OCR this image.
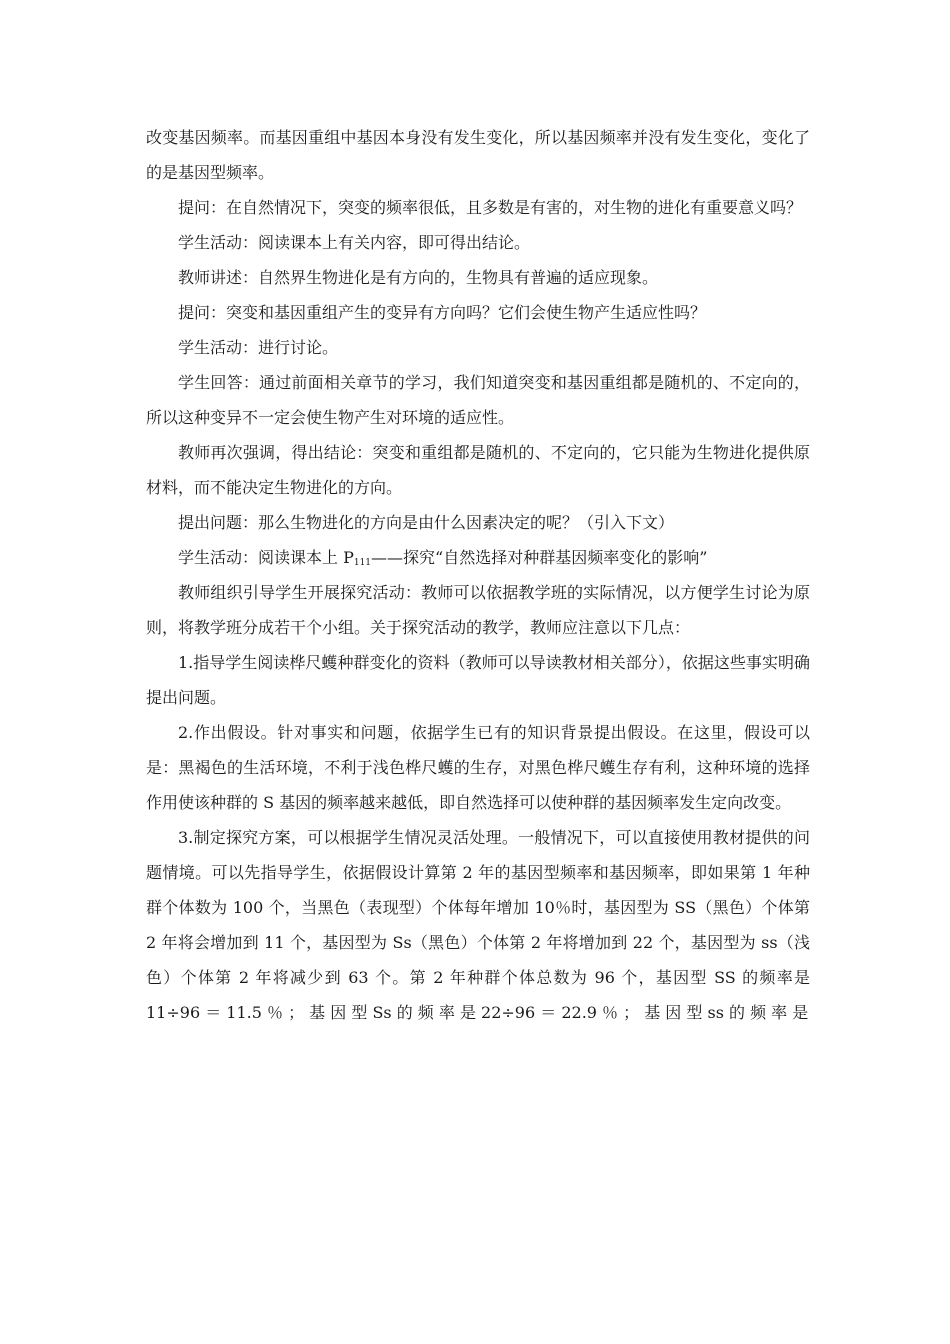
改变基因频率。而基因重组中基因本身没有发生变化，所以基因频率并没有发生变化，变化了的是基因型频率。

提问：在自然情况下，突变的频率很低，且多数是有害的，对生物的进化有重要意义吗？

学生活动：阅读课本上有关内容，即可得出结论。

教师讲述：自然界生物进化是有方向的，生物具有普遍的适应现象。

提问：突变和基因重组产生的变异有方向吗？它们会使生物产生适应性吗？

学生活动：进行讨论。

学生回答：通过前面相关章节的学习，我们知道突变和基因重组都是随机的、不定向的，所以这种变异不一定会使生物产生对环境的适应性。

教师再次强调，得出结论：突变和重组都是随机的、不定向的，它只能为生物进化提供原材料，而不能决定生物进化的方向。

提出问题：那么生物进化的方向是由什么因素决定的呢？（引入下文）

学生活动：阅读课本上 $P_{111}——$探究“自然选择对种群基因频率变化的影响”

教师组织引导学生开展探究活动：教师可以依据教学班的实际情况，以方便学生讨论为原则，将教学班分成若干个小组。关于探究活动的教学，教师应注意以下几点：

1.指导学生阅读桦尺蠖种群变化的资料（教师可以导读教材相关部分），依据这些事实明确提出问题。

2.作出假设。针对事实和问题，依据学生已有的知识背景提出假设。在这里，假设可以是：黑褐色的生活环境，不利于浅色桦尺蠖的生存，对黑色桦尺蠖生存有利，这种环境的选择作用使该种群的 S 基因的频率越来越低，即自然选择可以使种群的基因频率发生定向改变。

3.制定探究方案，可以根据学生情况灵活处理。一般情况下，可以直接使用教材提供的问题情境。可以先指导学生，依据假设计算第 2 年的基因型频率和基因频率，即如果第 1 年种群个体数为 100 个，当黑色（表现型）个体每年增加 10％时，基因型为 SS（黑色）个体第 2 年将会增加到 11 个，基因型为 Ss（黑色）个体第 2 年将增加到 22 个，基因型为 ss（浅色）个体第 2 年将减少到 63 个。第 2 年种群个体总数为 96 个，基因型 SS 的频率是 11÷96 ＝ 11.5 ％ ； 基 因 型 Ss 的 频 率 是 22÷96 ＝ 22.9 ％ ； 基 因 型 ss 的 频 率 是
